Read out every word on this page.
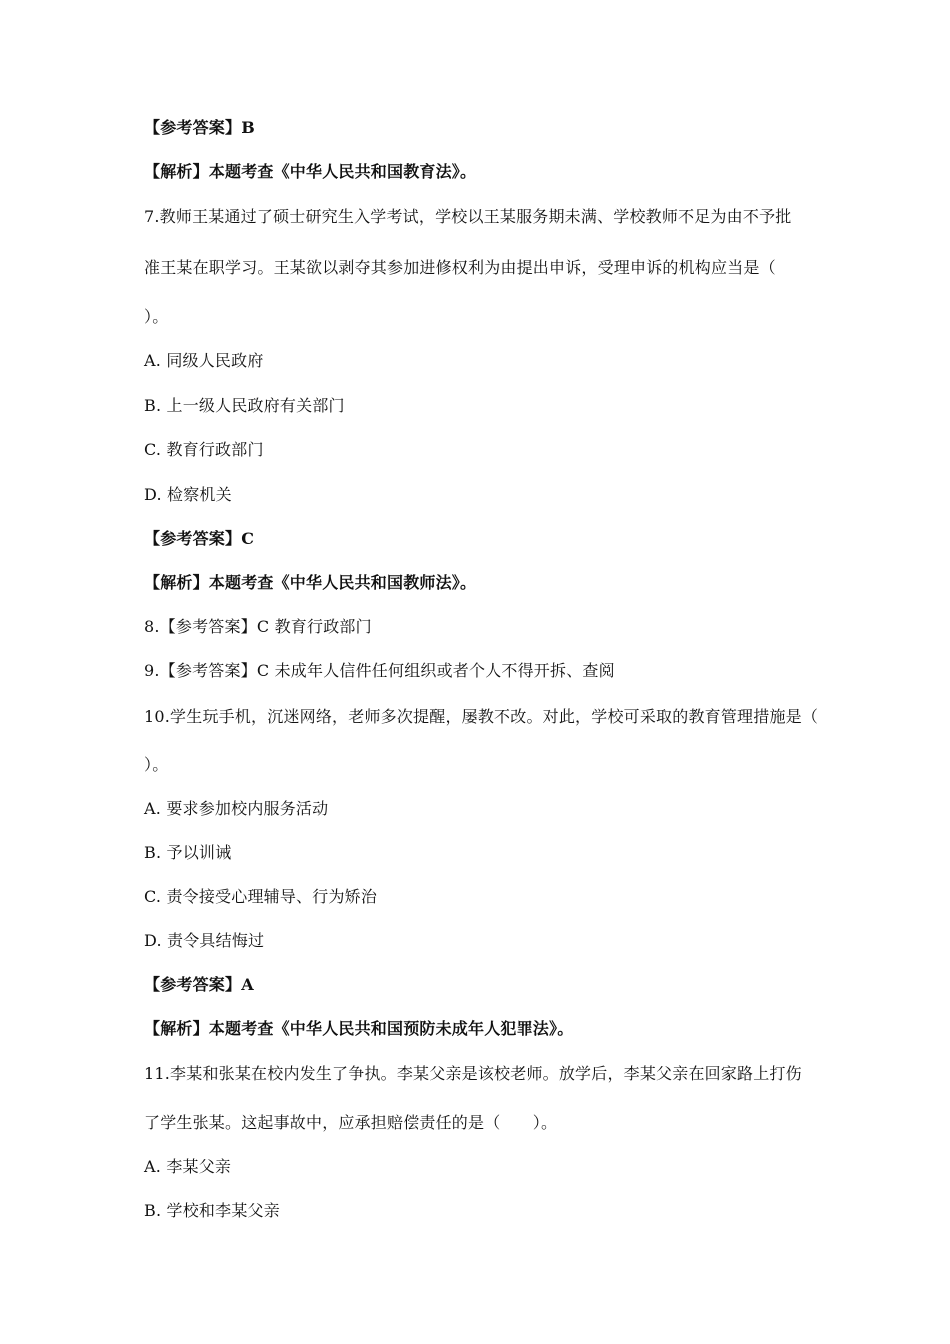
【参考答案】B
【解析】本题考查《中华人民共和国教育法》。
7.教师王某通过了硕士研究生入学考试，学校以王某服务期未满、学校教师不足为由不予批
准王某在职学习。王某欲以剥夺其参加进修权利为由提出申诉，受理申诉的机构应当是（
）。
A. 同级人民政府
B. 上一级人民政府有关部门
C. 教育行政部门
D. 检察机关
【参考答案】C
【解析】本题考查《中华人民共和国教师法》。
8.【参考答案】C 教育行政部门
9.【参考答案】C 未成年人信件任何组织或者个人不得开拆、查阅
10.学生玩手机，沉迷网络，老师多次提醒，屡教不改。对此，学校可采取的教育管理措施是（
）。
A. 要求参加校内服务活动
B. 予以训诫
C. 责令接受心理辅导、行为矫治
D. 责令具结悔过
【参考答案】A
【解析】本题考查《中华人民共和国预防未成年人犯罪法》。
11.李某和张某在校内发生了争执。李某父亲是该校老师。放学后，李某父亲在回家路上打伤
了学生张某。这起事故中，应承担赔偿责任的是（　　）。
A. 李某父亲
B. 学校和李某父亲
